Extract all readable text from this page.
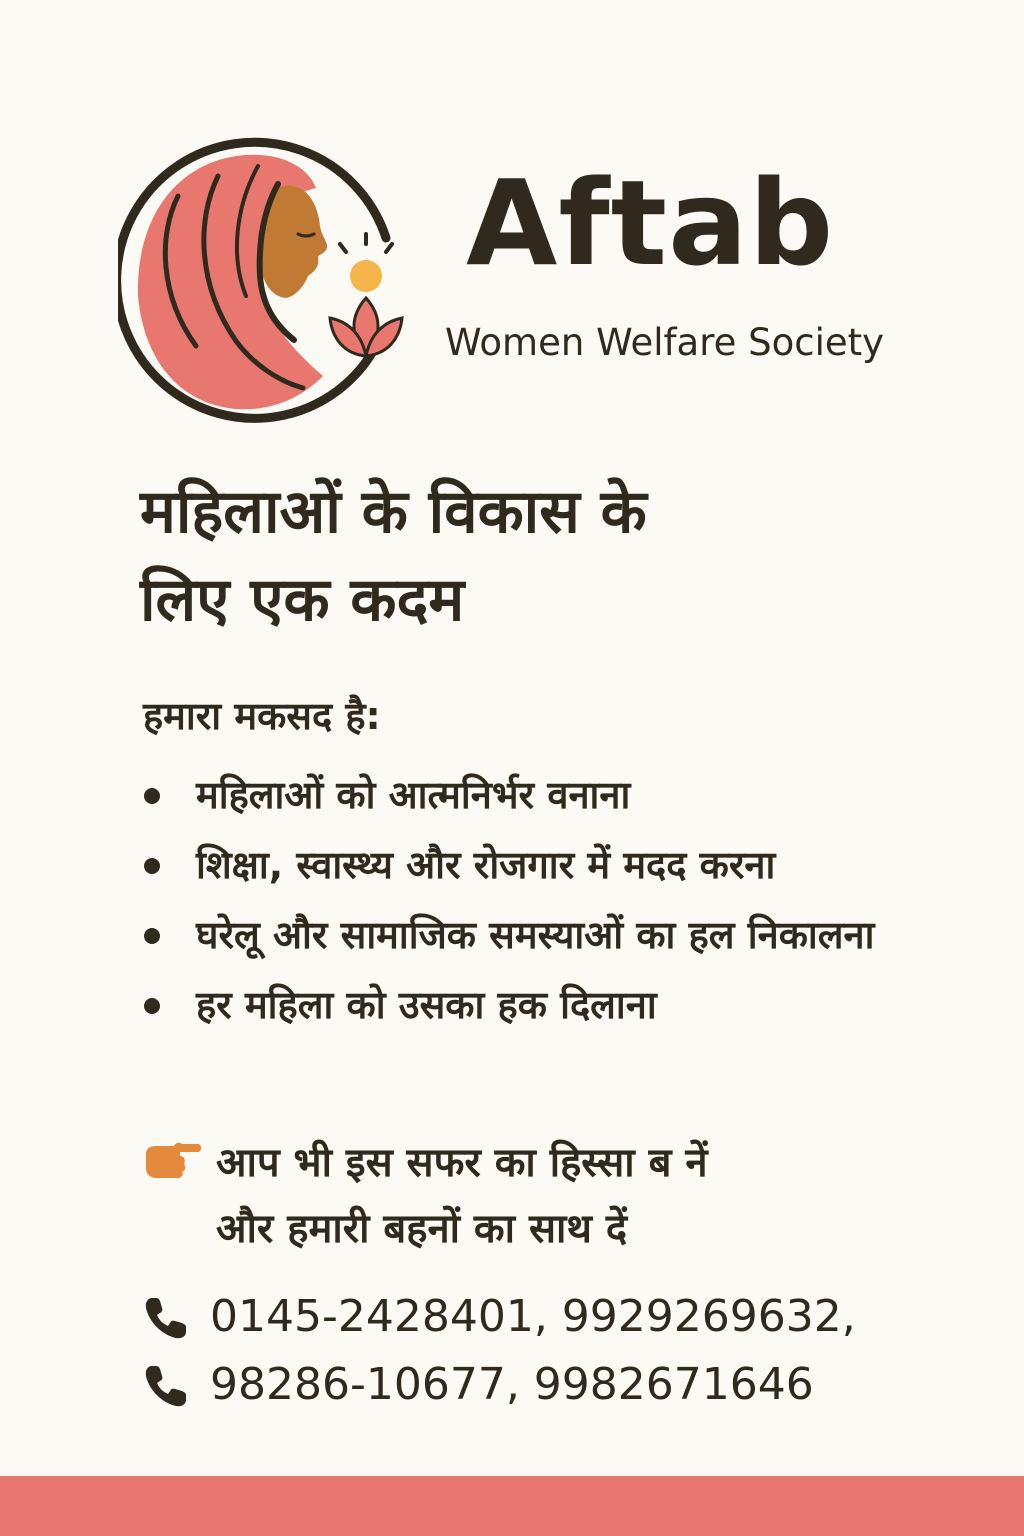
Aftab
Women Welfare Society
महिलाओं के विकास के
लिए एक कदम
हमारा मकसद है:
महिलाओं को आत्मनिर्भर वनाना
शिक्षा, स्वास्थ्य और रोजगार में मदद करना
घरेलू और सामाजिक समस्याओं का हल निकालना
हर महिला को उसका हक दिलाना
आप भी इस सफर का हिस्सा ब नें
और हमारी बहनों का साथ दें
0145-2428401, 9929269632,
98286-10677, 9982671646
